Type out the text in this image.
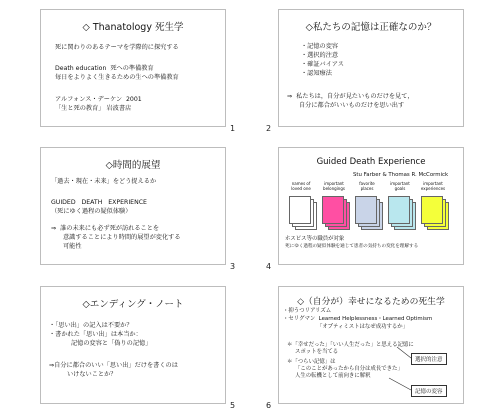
◇ Thanatology 死生学
死に関わりのあるテーマを学際的に探究する
Death education  死への準備教育
毎日をよりよく生きるための生への準備教育
アルフォンス・デーケン  2001
「生と死の教育」 岩波書店
1
◇私たちの記憶は正確なのか？
・記憶の変容
・選択的注意
・確証バイアス
・認知療法
⇒  私たちは，自分が見たいものだけを見て，
自分に都合がいいものだけを思い出す
2
◇時間的展望
「過去・現在・未来」をどう捉えるか
GUIDED   DEATH   EXPERIENCE
（死にゆく過程の疑似体験）
⇒  誰の未来にも必ず死が訪れることを
意識することにより時間的展望が変化する
可能性
3
Guided Death Experience
Stu Farber & Thomas R. McCormick
names of
loved one
important
belongings
favorite
places
important
goals
important
experiences
ホスピス等の職員が対象
死にゆく過程の疑似体験を通じて患者の気持ちの変化を理解する
4
◇エンディング・ノート
・「思い出」の記入は不要か？
・書かれた「思い出」は本当か：
記憶の変容と「偽りの記憶」
⇒自分に都合のいい「思い出」だけを書くのは
いけないことか？
5
◇（自分が）幸せになるための死生学
・抑うつリアリズム
・セリグマン  Learned Helplessness・Learned Optimism
「オプティミストはなぜ成功するか」
＊「幸せだった」「いい人生だった」と思える記憶に
スポットを当てる
＊「つらい記憶」は
「このことがあったから自分は成長できた」
人生の転機として前向きに解釈
選択的注意
記憶の変容
6
